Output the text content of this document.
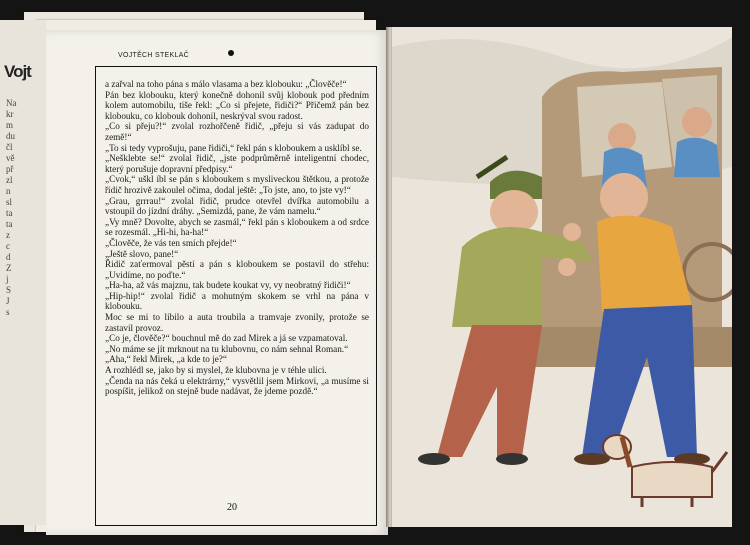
Vojt
Na
kr
m
du
čl
vě
př
zl
n
sl
ta
ta
z
c
d
Z
j
S
J
s
VOJTĚCH STEKLAČ

a zařval na toho pána s málo vlasama a bez klobouku: „Člověče!“

Pán bez klobouku, který konečně dohonil svůj klobouk pod předním kolem automobilu, tiše řekl: „Co si přejete, řidiči?“ Přičemž pán bez klobouku, co klobouk dohonil, neskrýval svou radost.

„Co si přeju?!“ zvolal rozhořčeně řidič, „přeju si vás zadupat do země!“

„To si tedy vyprošuju, pane řidiči,“ řekl pán s kloboukem a usklíbl se.

„Nešklebte se!“ zvolal řidič, „jste podprůměrně inteligentní chodec, který porušuje dopravní předpisy.“

„Cvok,“ uškl íbl se pán s kloboukem s mysliveckou štětkou, a protože řidič hrozivě zakoulel očima, dodal ještě: „To jste, ano, to jste vy!“

„Grau, grrrau!“ zvolal řidič, prudce otevřel dvířka automobilu a vstoupil do jízdní dráhy. „Semizdá, pane, že vám namelu.“

„Vy mně? Dovolte, abych se zasmál,“ řekl pán s kloboukem a od srdce se rozesmál. „Hi-hi, ha-ha!“

„Člověče, že vás ten smích přejde!“

„Ještě slovo, pane!“

Řidič zaťermoval pěstí a pán s kloboukem se postavil do střehu: „Uvidíme, no poďte.“

„Ha-ha, až vás majznu, tak budete koukat vy, vy neobratný řidiči!“

„Hip-hip!“ zvolal řidič a mohutným skokem se vrhl na pána v klobouku.

Moc se mi to líbilo a auta troubila a tramvaje zvonily, protože se zastavil provoz.

„Co je, člověče?“ bouchnul mě do zad Mirek a já se vzpamatoval.

„No máme se jít mrknout na tu klubovnu, co nám sehnal Roman.“

„Aha,“ řekl Mirek, „a kde to je?“

A rozhlédl se, jako by si myslel, že klubovna je v téhle ulici.

„Čenda na nás čeká u elektrárny,“ vysvětlil jsem Mirkovi, „a musíme si pospíšit, jelikož on stejně bude nadávat, že jdeme pozdě.“

20
